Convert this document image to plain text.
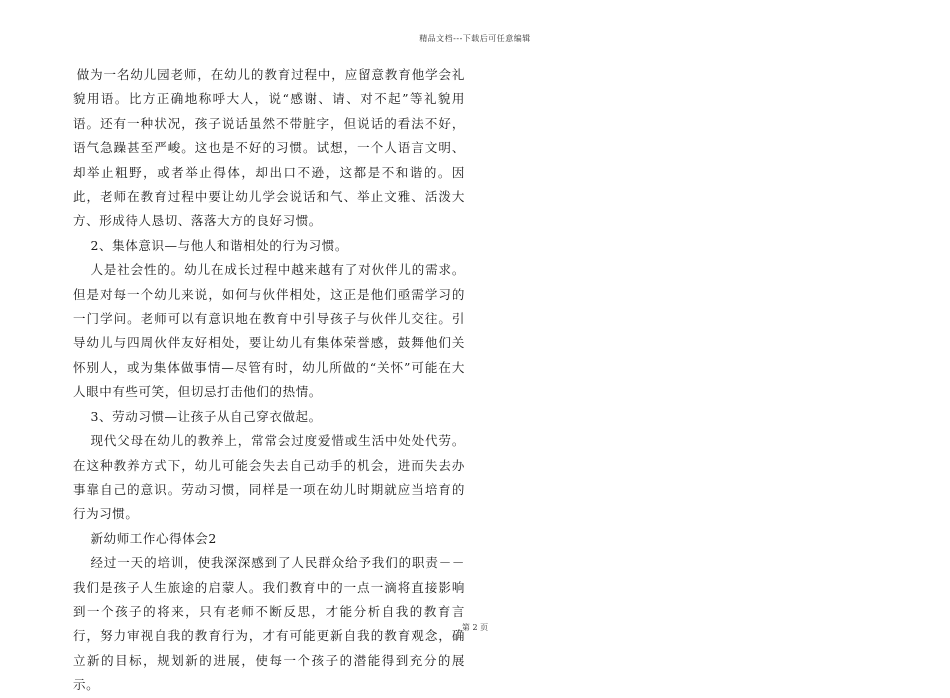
精品文档---下载后可任意编辑

做为一名幼儿园老师，在幼儿的教育过程中，应留意教育他学会礼貌用语。比方正确地称呼大人，说“感谢、请、对不起”等礼貌用语。还有一种状况，孩子说话虽然不带脏字，但说话的看法不好，语气急躁甚至严峻。这也是不好的习惯。试想，一个人语言文明、却举止粗野，或者举止得体，却出口不逊，这都是不和谐的。因此，老师在教育过程中要让幼儿学会说话和气、举止文雅、活泼大方、形成待人恳切、落落大方的良好习惯。

2、集体意识—与他人和谐相处的行为习惯。

人是社会性的。幼儿在成长过程中越来越有了对伙伴儿的需求。但是对每一个幼儿来说，如何与伙伴相处，这正是他们亟需学习的一门学问。老师可以有意识地在教育中引导孩子与伙伴儿交往。引导幼儿与四周伙伴友好相处，要让幼儿有集体荣誉感，鼓舞他们关怀别人，或为集体做事情—尽管有时，幼儿所做的“关怀”可能在大人眼中有些可笑，但切忌打击他们的热情。

3、劳动习惯—让孩子从自己穿衣做起。

现代父母在幼儿的教养上，常常会过度爱惜或生活中处处代劳。在这种教养方式下，幼儿可能会失去自己动手的机会，进而失去办事靠自己的意识。劳动习惯，同样是一项在幼儿时期就应当培育的行为习惯。

新幼师工作心得体会2

经过一天的培训，使我深深感到了人民群众给予我们的职责－－我们是孩子人生旅途的启蒙人。我们教育中的一点一滴将直接影响到一个孩子的将来，只有老师不断反思，才能分析自我的教育言行，努力审视自我的教育行为，才有可能更新自我的教育观念，确立新的目标，规划新的进展，使每一个孩子的潜能得到充分的展示。

第 2 页
